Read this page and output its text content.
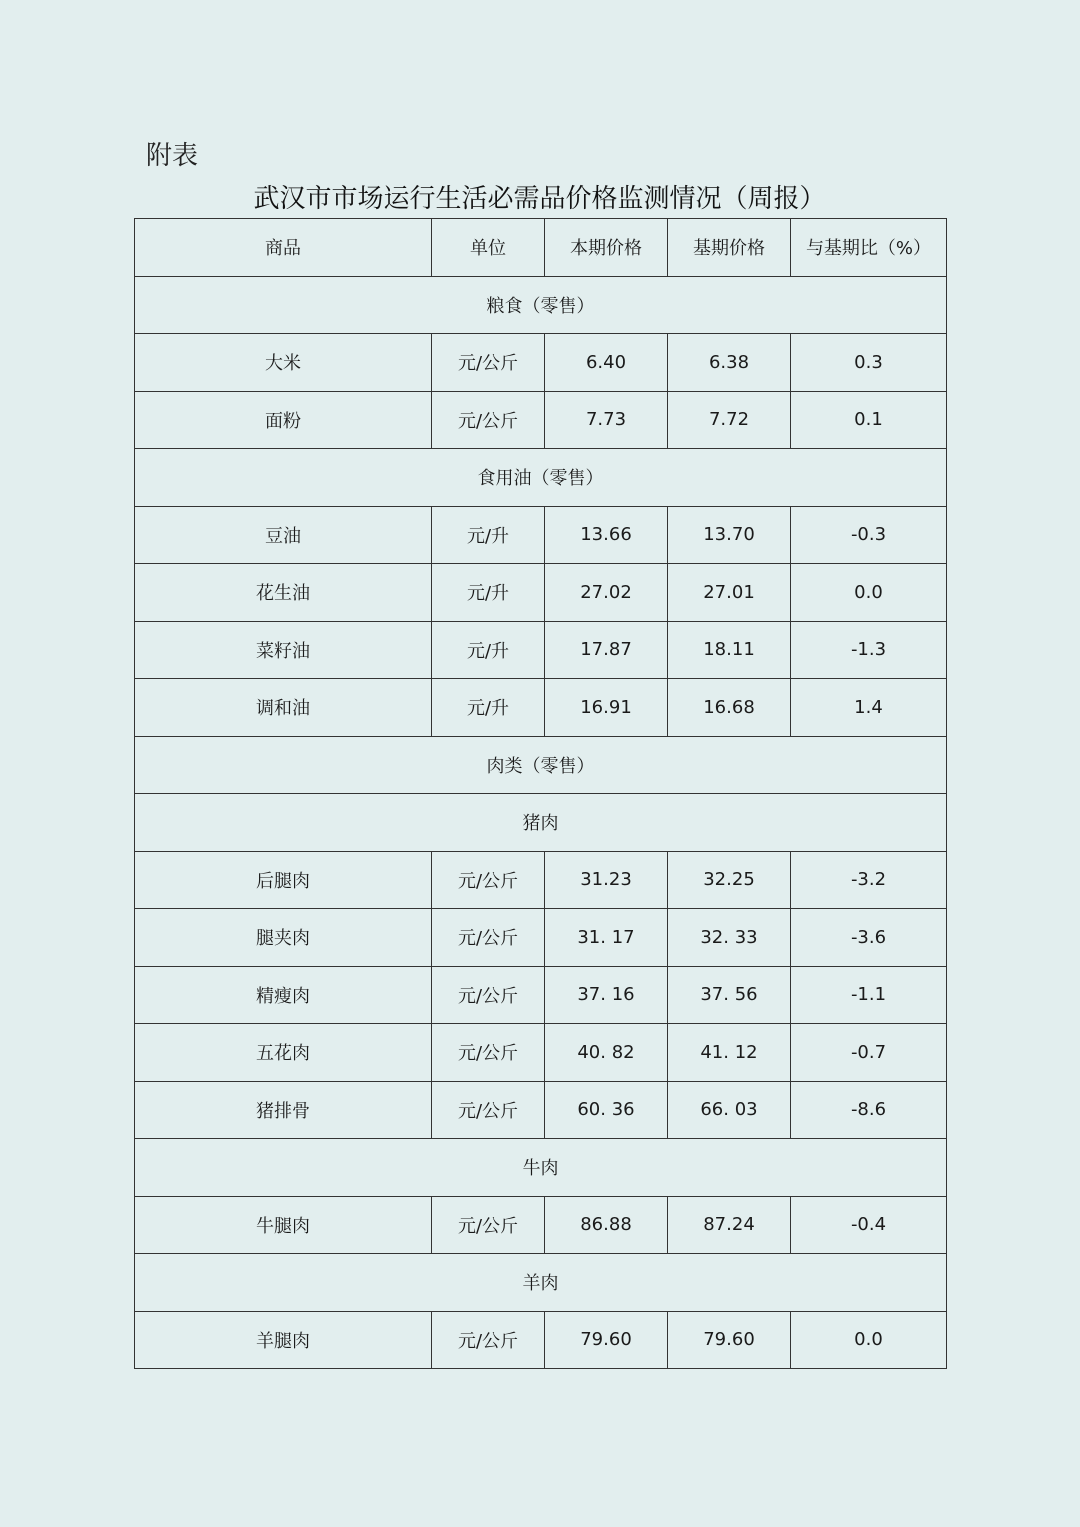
附表
武汉市市场运行生活必需品价格监测情况（周报）
商品	单位	本期价格	基期价格	与基期比（%）
粮食（零售）				
大米	元/公斤	6.40	6.38	0.3
面粉	元/公斤	7.73	7.72	0.1
食用油（零售）				
豆油	元/升	13.66	13.70	-0.3
花生油	元/升	27.02	27.01	0.0
菜籽油	元/升	17.87	18.11	-1.3
调和油	元/升	16.91	16.68	1.4
肉类（零售）				
猪肉				
后腿肉	元/公斤	31.23	32.25	-3.2
腿夹肉	元/公斤	31. 17	32. 33	-3.6
精瘦肉	元/公斤	37. 16	37. 56	-1.1
五花肉	元/公斤	40. 82	41. 12	-0.7
猪排骨	元/公斤	60. 36	66. 03	-8.6
牛肉				
牛腿肉	元/公斤	86.88	87.24	-0.4
羊肉				
羊腿肉	元/公斤	79.60	79.60	0.0
